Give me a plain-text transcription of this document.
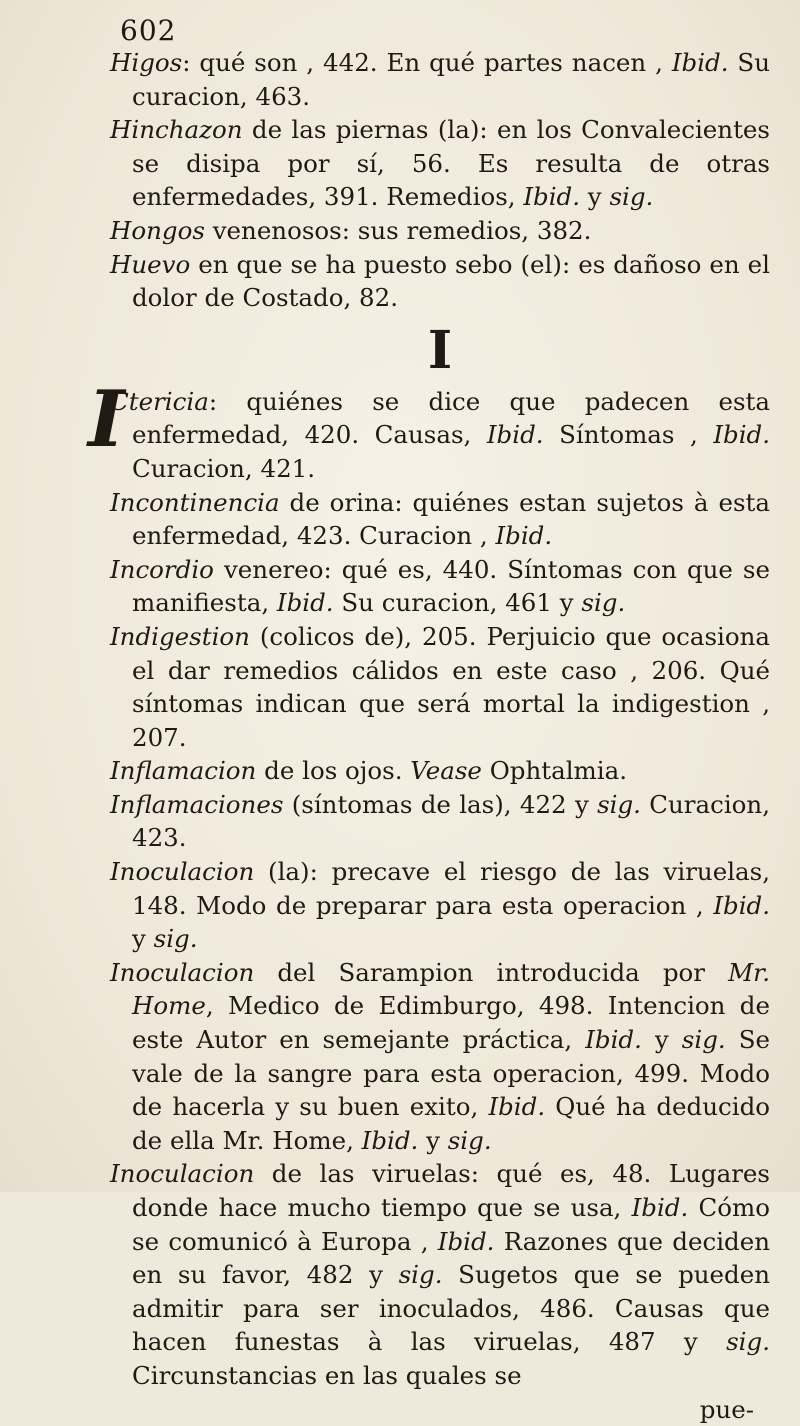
602

Higos: qué son , 442. En qué partes nacen , Ibid. Su curacion, 463.

Hinchazon de las piernas (la): en los Convalecientes se disipa por sí, 56. Es resulta de otras enfermedades, 391. Remedios, Ibid. y sig.

Hongos venenosos: sus remedios, 382.

Huevo en que se ha puesto sebo (el): es dañoso en el dolor de Costado, 82.

I

I
Ctericia: quiénes se dice que padecen esta enfermedad, 420. Causas, Ibid. Síntomas , Ibid. Curacion, 421.

Incontinencia de orina: quiénes estan sujetos à esta enfermedad, 423. Curacion , Ibid.

Incordio venereo: qué es, 440. Síntomas con que se manifiesta, Ibid. Su curacion, 461 y sig.

Indigestion (colicos de), 205. Perjuicio que ocasiona el dar remedios cálidos en este caso , 206. Qué síntomas indican que será mortal la indigestion , 207.

Inflamacion de los ojos. Vease Ophtalmia.

Inflamaciones (síntomas de las), 422 y sig. Curacion, 423.

Inoculacion (la): precave el riesgo de las viruelas, 148. Modo de preparar para esta operacion , Ibid. y sig.

Inoculacion del Sarampion introducida por Mr. Home, Medico de Edimburgo, 498. Intencion de este Autor en semejante práctica, Ibid. y sig. Se vale de la sangre para esta operacion, 499. Modo de hacerla y su buen exito, Ibid. Qué ha deducido de ella Mr. Home, Ibid. y sig.

Inoculacion de las viruelas: qué es, 48. Lugares donde hace mucho tiempo que se usa, Ibid. Cómo se comunicó à Europa , Ibid. Razones que deciden en su favor, 482 y sig. Sugetos que se pueden admitir para ser inoculados, 486. Causas que hacen funestas à las viruelas, 487 y sig. Circunstancias en las quales se

pue-
